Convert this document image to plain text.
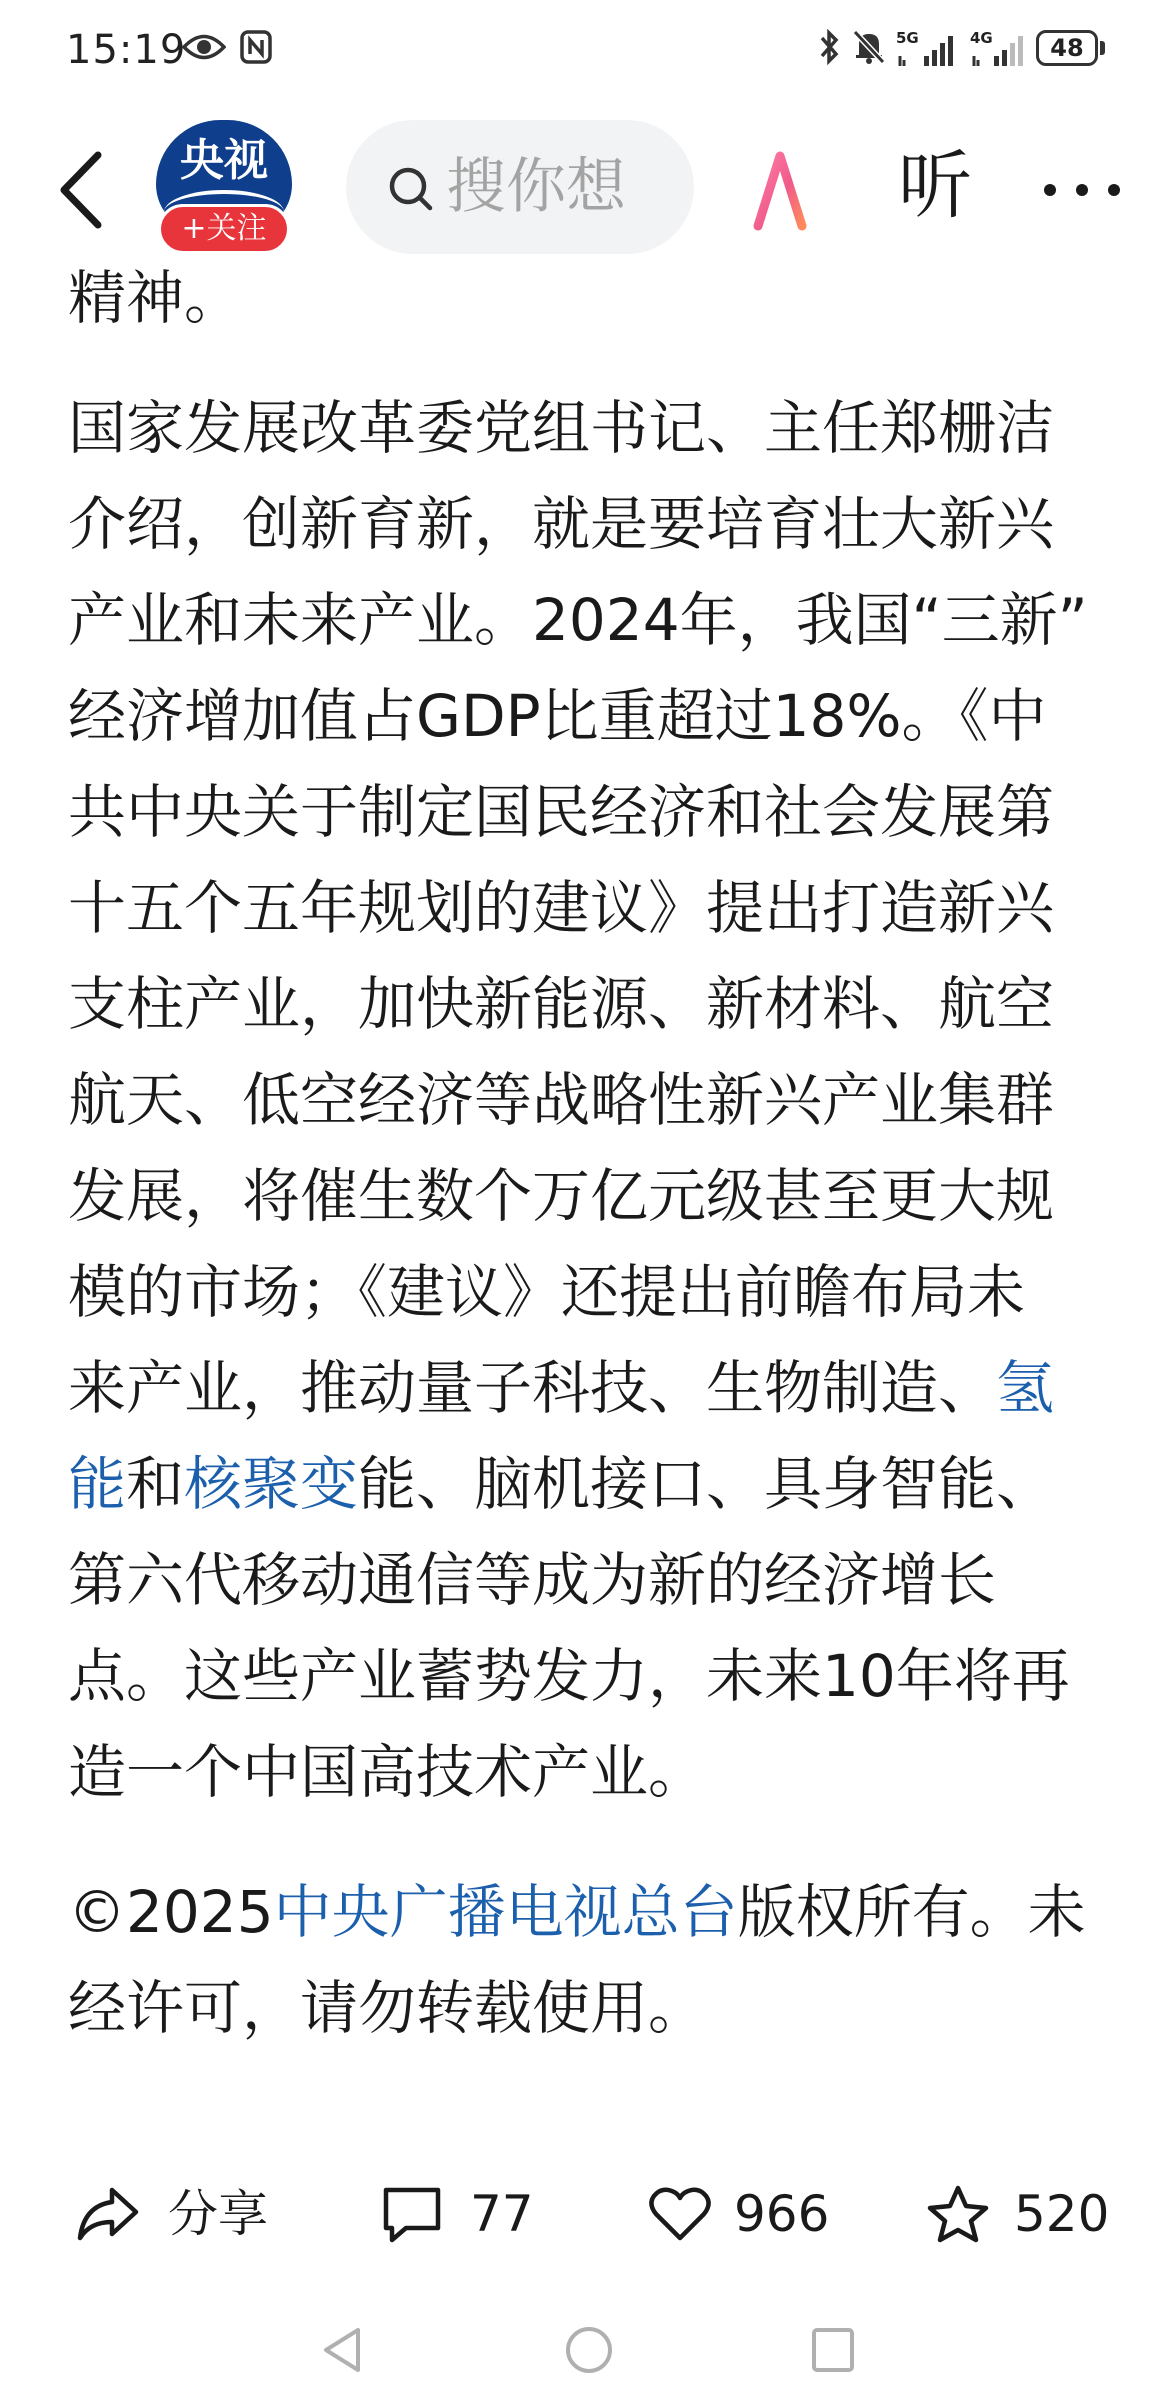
15:19	5G	4G	48
央视
+关注
搜你想	听

精神。

国家发展改革委党组书记、主任郑栅洁
介绍，创新育新，就是要培育壮大新兴
产业和未来产业。2024年，我国“三新”
经济增加值占GDP比重超过18%。《中
共中央关于制定国民经济和社会发展第
十五个五年规划的建议》提出打造新兴
支柱产业，加快新能源、新材料、航空
航天、低空经济等战略性新兴产业集群
发展，将催生数个万亿元级甚至更大规
模的市场；《建议》还提出前瞻布局未
来产业，推动量子科技、生物制造、氢
能和核聚变能、脑机接口、具身智能、
第六代移动通信等成为新的经济增长
点。这些产业蓄势发力，未来10年将再
造一个中国高技术产业。

©2025中央广播电视总台版权所有。未
经许可，请勿转载使用。

分享	77	966	520
